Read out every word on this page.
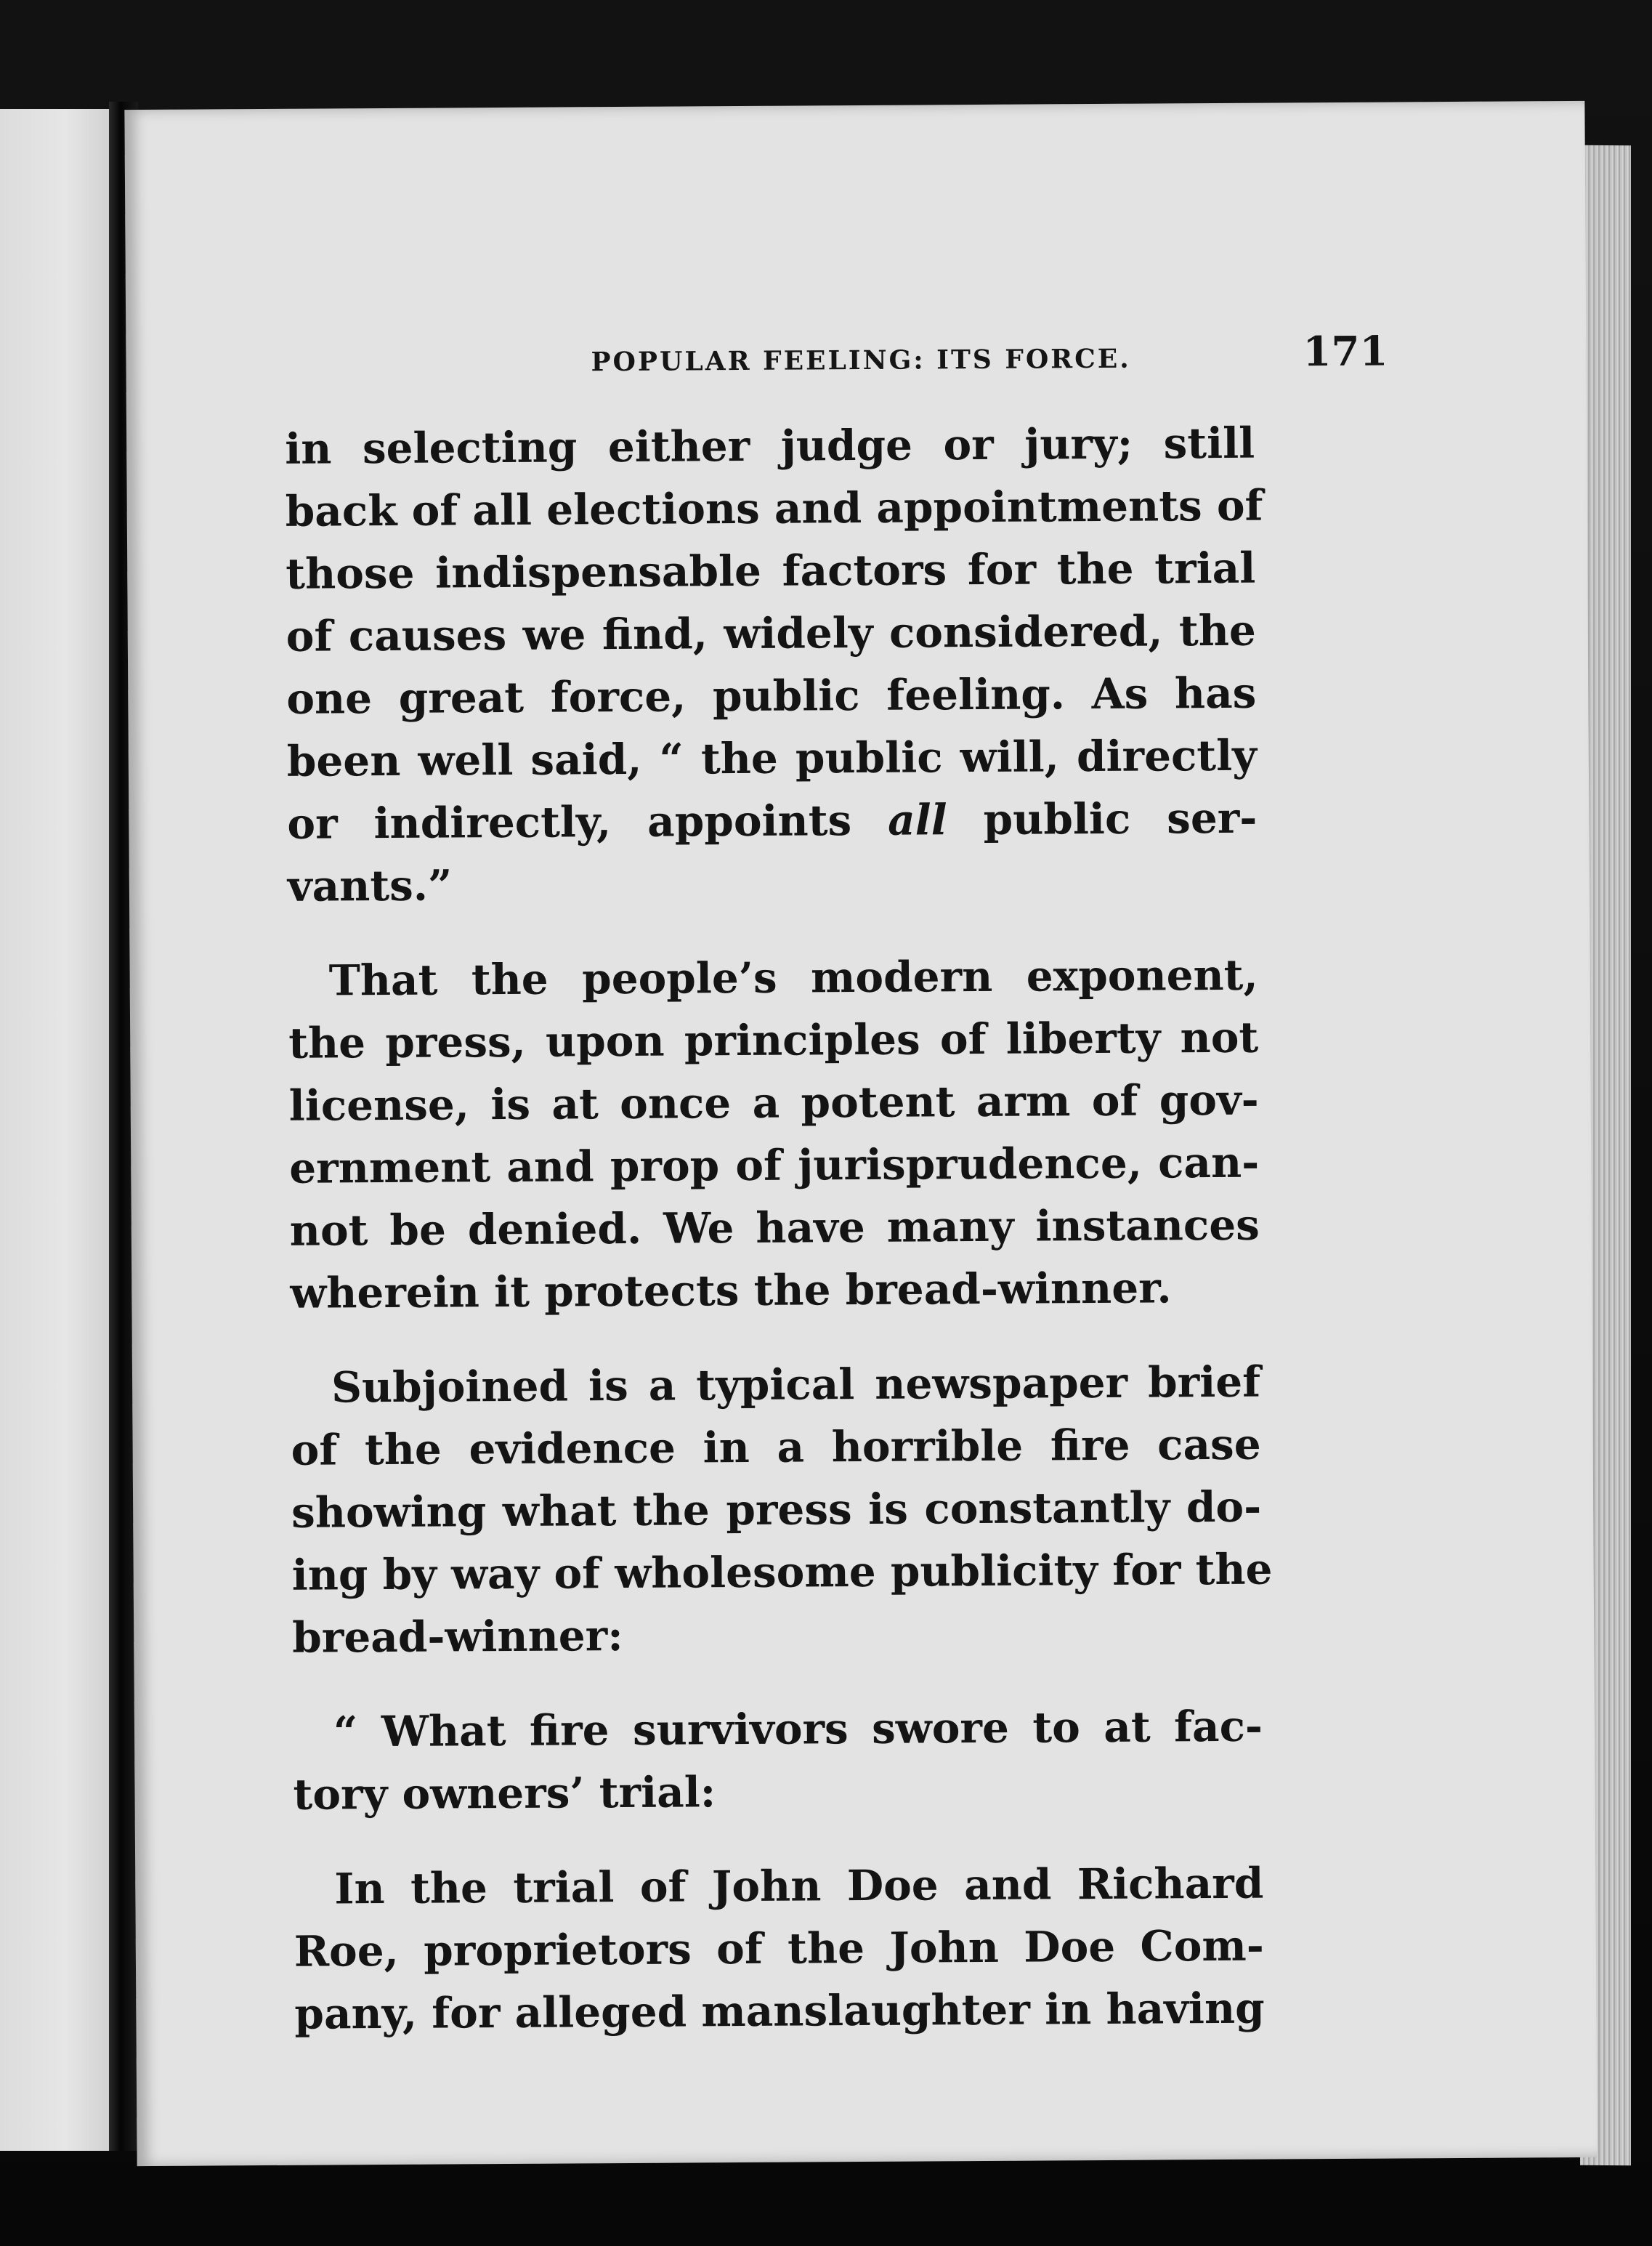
POPULAR FEELING: ITS FORCE.	171

in selecting either judge or jury; still
back of all elections and appointments of
those indispensable factors for the trial
of causes we find, widely considered, the
one great force, public feeling. As has
been well said, “ the public will, directly
or indirectly, appoints all public ser-
vants.”

That the people’s modern exponent,
the press, upon principles of liberty not
license, is at once a potent arm of gov-
ernment and prop of jurisprudence, can-
not be denied. We have many instances
wherein it protects the bread-winner.

Subjoined is a typical newspaper brief
of the evidence in a horrible fire case
showing what the press is constantly do-
ing by way of wholesome publicity for the
bread-winner:

“ What fire survivors swore to at fac-
tory owners’ trial:

In the trial of John Doe and Richard
Roe, proprietors of the John Doe Com-
pany, for alleged manslaughter in having
